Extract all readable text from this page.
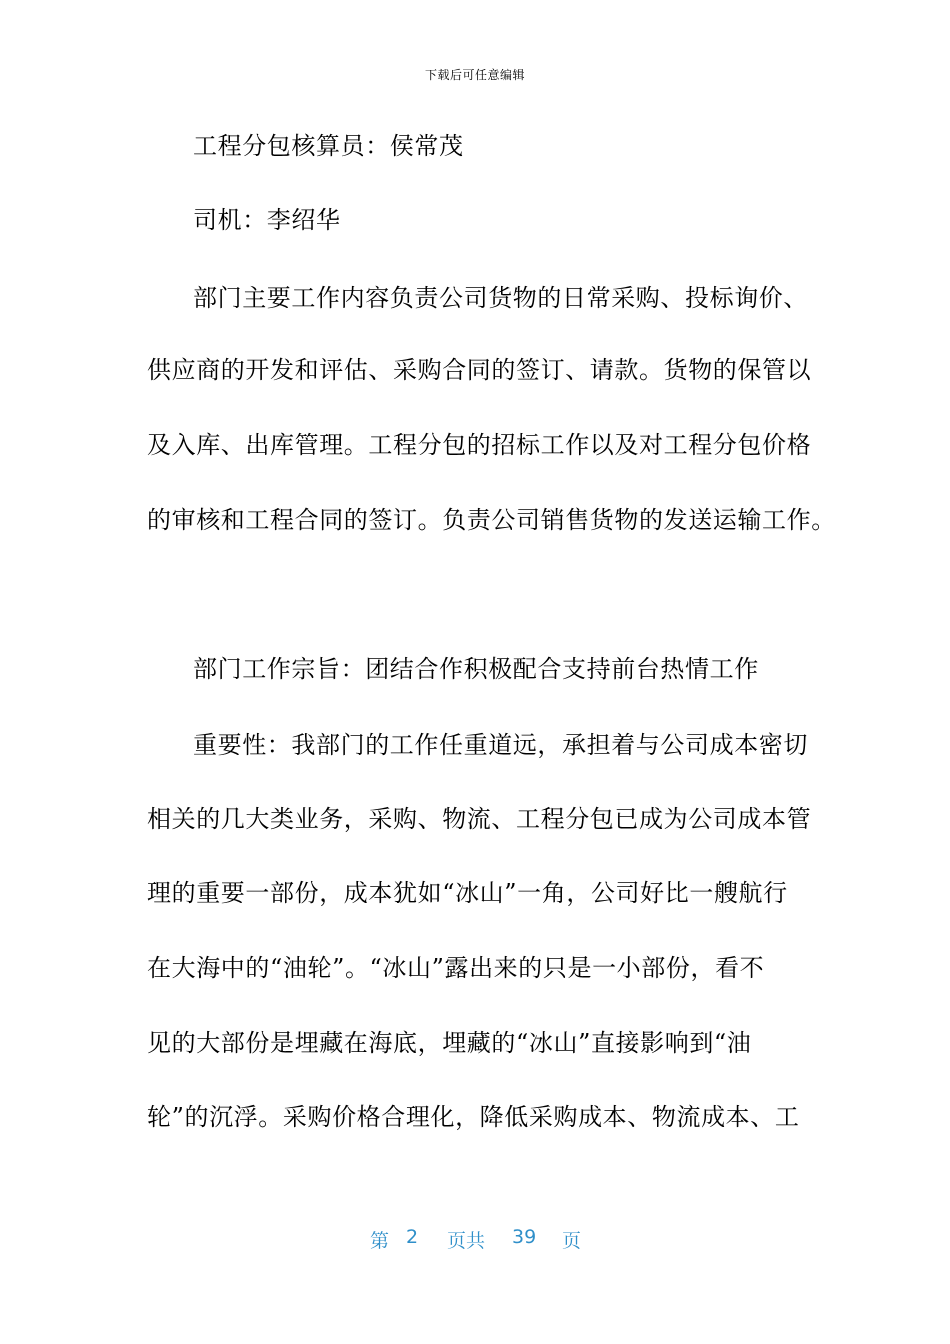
下载后可任意编辑
工程分包核算员：侯常茂
司机：李绍华
部门主要工作内容负责公司货物的日常采购、投标询价、
供应商的开发和评估、采购合同的签订、请款。货物的保管以
及入库、出库管理。工程分包的招标工作以及对工程分包价格
的审核和工程合同的签订。负责公司销售货物的发送运输工作。
部门工作宗旨：团结合作积极配合支持前台热情工作
重要性：我部门的工作任重道远，承担着与公司成本密切
相关的几大类业务，采购、物流、工程分包已成为公司成本管
理的重要一部份，成本犹如“冰山”一角，公司好比一艘航行
在大海中的“油轮”。“冰山”露出来的只是一小部份，看不
见的大部份是埋藏在海底，埋藏的“冰山”直接影响到“油
轮”的沉浮。采购价格合理化，降低采购成本、物流成本、工
第 2 页共 39 页
